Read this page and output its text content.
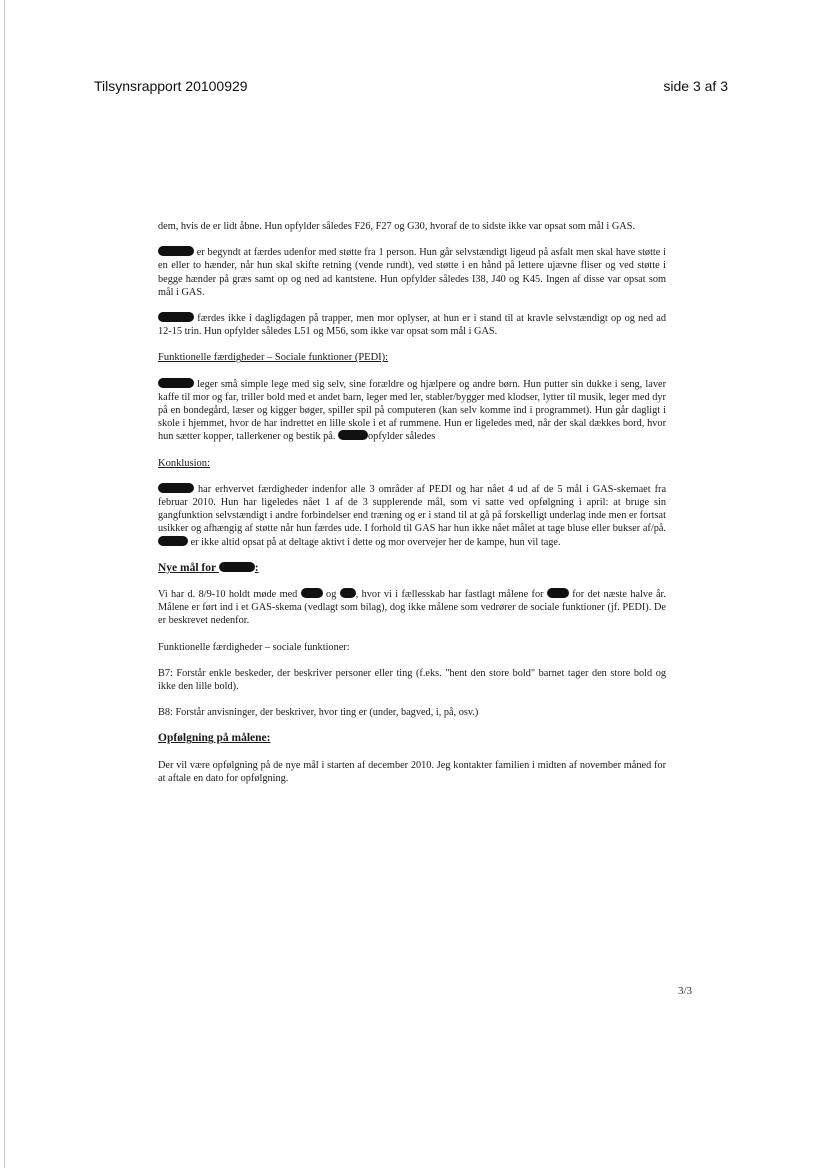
Tilsynsrapport 20100929	side 3 af 3

dem, hvis de er lidt åbne. Hun opfylder således F26, F27 og G30, hvoraf de to sidste ikke var opsat som mål i GAS.

er begyndt at færdes udenfor med støtte fra 1 person. Hun går selvstændigt ligeud på asfalt men skal have støtte i en eller to hænder, når hun skal skifte retning (vende rundt), ved støtte i en hånd på lettere ujævne fliser og ved støtte i begge hænder på græs samt op og ned ad kantstene. Hun opfylder således I38, J40 og K45. Ingen af disse var opsat som mål i GAS.

færdes ikke i dagligdagen på trapper, men mor oplyser, at hun er i stand til at kravle selvstændigt op og ned ad 12-15 trin. Hun opfylder således L51 og M56, som ikke var opsat som mål i GAS.

Funktionelle færdigheder – Sociale funktioner (PEDI):

leger små simple lege med sig selv, sine forældre og hjælpere og andre børn. Hun putter sin dukke i seng, laver kaffe til mor og far, triller bold med et andet barn, leger med ler, stabler/bygger med klodser, lytter til musik, leger med dyr på en bondegård, læser og kigger bøger, spiller spil på computeren (kan selv komme ind i programmet). Hun går dagligt i skole i hjemmet, hvor de har indrettet en lille skole i et af rummene. Hun er ligeledes med, når der skal dækkes bord, hvor hun sætter kopper, tallerkener og bestik på.	opfylder således

Konklusion:

har erhvervet færdigheder indenfor alle 3 områder af PEDI og har nået 4 ud af de 5 mål i GAS-skemaet fra februar 2010. Hun har ligeledes nået 1 af de 3 supplerende mål, som vi satte ved opfølgning i april: at bruge sin gangfunktion selvstændigt i andre forbindelser end træning og er i stand til at gå på forskelligt underlag inde men er fortsat usikker og afhængig af støtte når hun færdes ude. I forhold til GAS har hun ikke nået målet at tage bluse eller bukser af/på.  er ikke altid opsat på at deltage aktivt i dette og mor overvejer her de kampe, hun vil tage.

Nye mål for	:

Vi har d. 8/9-10 holdt møde med	og , hvor vi i fællesskab har fastlagt målene for	for det næste halve år. Målene er ført ind i et GAS-skema (vedlagt som bilag), dog ikke målene som vedrører de sociale funktioner (jf. PEDI). De er beskrevet nedenfor.

Funktionelle færdigheder – sociale funktioner:

B7: Forstår enkle beskeder, der beskriver personer eller ting (f.eks. "hent den store bold" barnet tager den store bold og ikke den lille bold).

B8: Forstår anvisninger, der beskriver, hvor ting er (under, bagved, i, på, osv.)

Opfølgning på målene:

Der vil være opfølgning på de nye mål i starten af december 2010. Jeg kontakter familien i midten af november måned for at aftale en dato for opfølgning.

3/3
